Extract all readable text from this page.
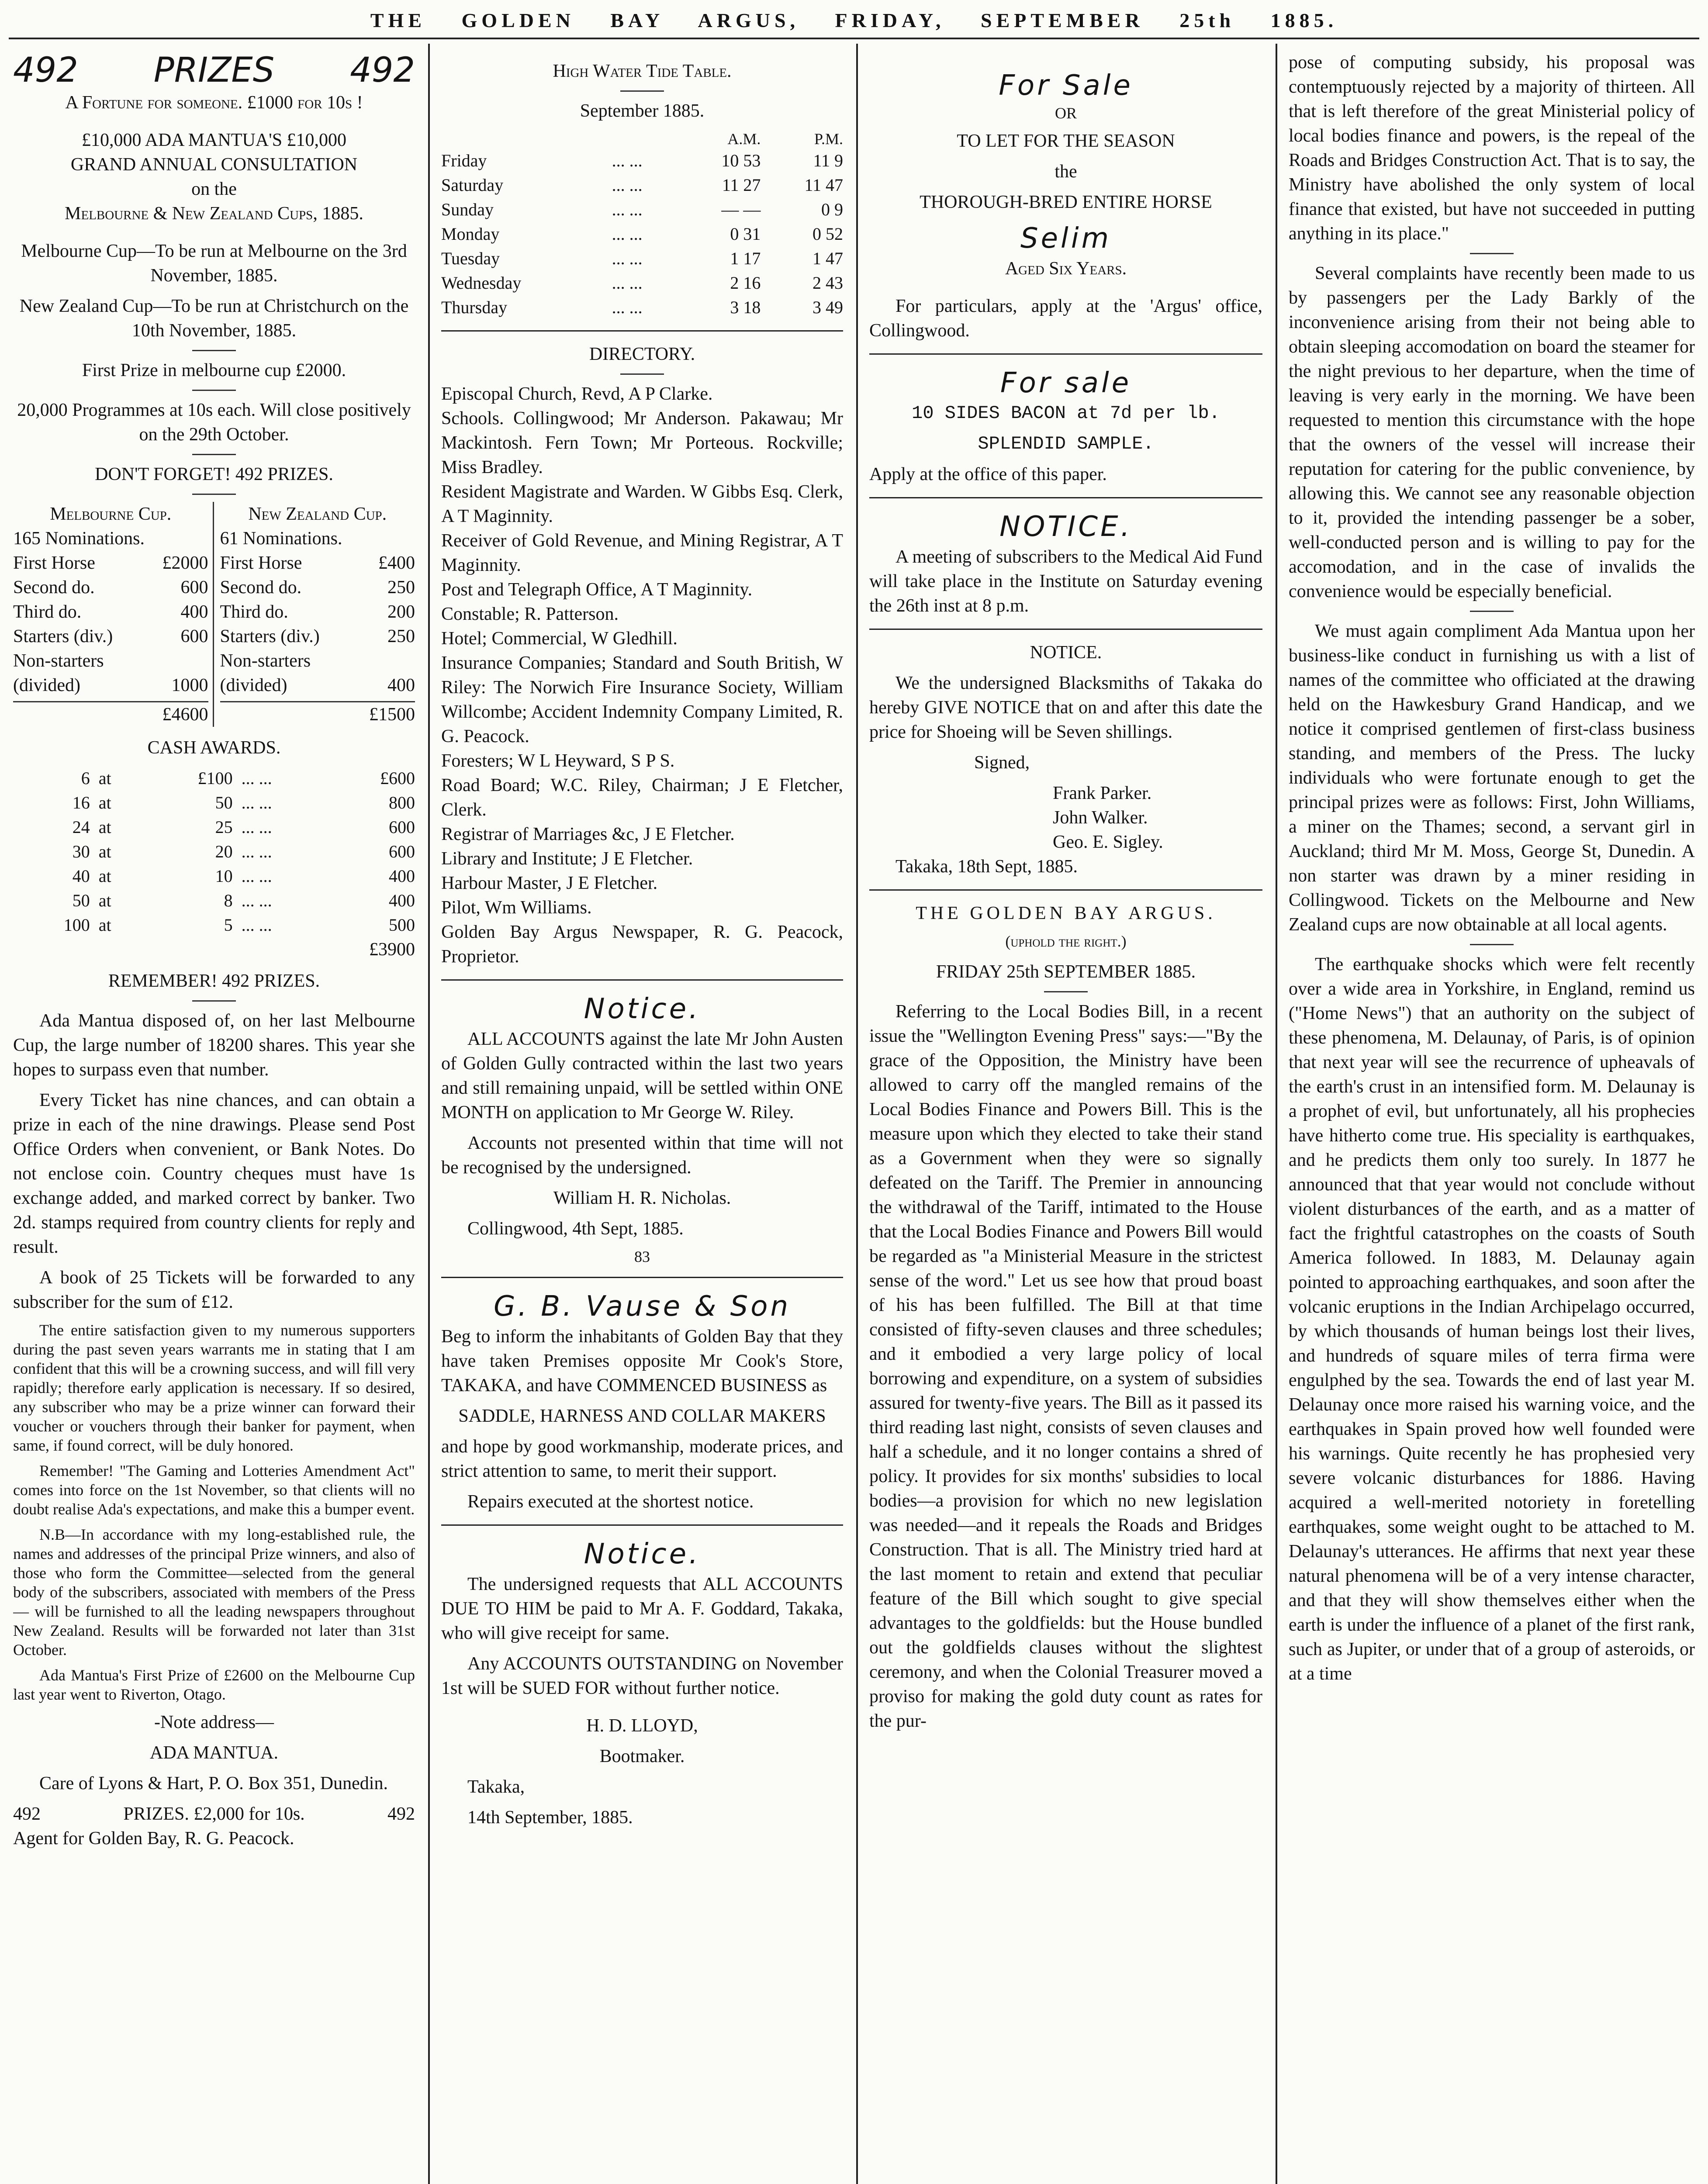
THE GOLDEN BAY ARGUS, FRIDAY, SEPTEMBER 25th 1885.
492 PRIZES 492

A Fortune for someone. £1000 for 10s !

£10,000 ADA MANTUA'S £10,000
GRAND ANNUAL CONSULTATION
on the
Melbourne & New Zealand Cups, 1885.

Melbourne Cup—To be run at Melbourne on the 3rd November, 1885.

New Zealand Cup—To be run at Christchurch on the 10th November, 1885.

First Prize in melbourne cup £2000.

20,000 Programmes at 10s each. Will close positively on the 29th October.

DON'T FORGET! 492 PRIZES.

Melbourne Cup.
165 Nominations.
First Horse	£2000
Second do.	600
Third do.	400
Starters (div.)	600
Non-starters
(divided)	1000
£4600
New Zealand Cup.
61 Nominations.
First Horse	£400
Second do.	250
Third do.	200
Starters (div.)	250
Non-starters
(divided)	400
£1500

CASH AWARDS.

6	at	£100	... ...	£600
16	at	50	... ...	800
24	at	25	... ...	600
30	at	20	... ...	600
40	at	10	... ...	400
50	at	8	... ...	400
100	at	5	... ...	500
£3900

REMEMBER! 492 PRIZES.

Ada Mantua disposed of, on her last Melbourne Cup, the large number of 18200 shares. This year she hopes to surpass even that number.

Every Ticket has nine chances, and can obtain a prize in each of the nine drawings. Please send Post Office Orders when convenient, or Bank Notes. Do not enclose coin. Country cheques must have 1s exchange added, and marked correct by banker. Two 2d. stamps required from country clients for reply and result.

A book of 25 Tickets will be forwarded to any subscriber for the sum of £12.

The entire satisfaction given to my numerous supporters during the past seven years warrants me in stating that I am confident that this will be a crowning success, and will fill very rapidly; therefore early application is necessary. If so desired, any subscriber who may be a prize winner can forward their voucher or vouchers through their banker for payment, when same, if found correct, will be duly honored.

Remember! "The Gaming and Lotteries Amendment Act" comes into force on the 1st November, so that clients will no doubt realise Ada's expectations, and make this a bumper event.

N.B—In accordance with my long-established rule, the names and addresses of the principal Prize winners, and also of those who form the Committee—selected from the general body of the subscribers, associated with members of the Press— will be furnished to all the leading newspapers throughout New Zealand. Results will be forwarded not later than 31st October.

Ada Mantua's First Prize of £2600 on the Melbourne Cup last year went to Riverton, Otago.

-Note address—

ADA MANTUA.

Care of Lyons & Hart, P. O. Box 351, Dunedin.

492	PRIZES. £2,000 for 10s.	492

Agent for Golden Bay, R. G. Peacock.

High Water Tide Table.

September 1885.

		A.M.	P.M.
Friday	... ...	10 53	11 9
Saturday	... ...	11 27	11 47
Sunday	... ...	— —	0 9
Monday	... ...	0 31	0 52
Tuesday	... ...	1 17	1 47
Wednesday	... ...	2 16	2 43
Thursday	... ...	3 18	3 49

DIRECTORY.

Episcopal Church, Revd, A P Clarke.
Schools. Collingwood; Mr Anderson. Pakawau; Mr Mackintosh. Fern Town; Mr Porteous. Rockville; Miss Bradley.
Resident Magistrate and Warden. W Gibbs Esq. Clerk, A T Maginnity.
Receiver of Gold Revenue, and Mining Registrar, A T Maginnity.
Post and Telegraph Office, A T Maginnity.
Constable; R. Patterson.
Hotel; Commercial, W Gledhill.
Insurance Companies; Standard and South British, W Riley: The Norwich Fire Insurance Society, William Willcombe; Accident Indemnity Company Limited, R. G. Peacock.
Foresters; W L Heyward, S P S.
Road Board; W.C. Riley, Chairman; J E Fletcher, Clerk.
Registrar of Marriages &c, J E Fletcher.
Library and Institute; J E Fletcher.
Harbour Master, J E Fletcher.
Pilot, Wm Williams.
Golden Bay Argus Newspaper, R. G. Peacock, Proprietor.
Notice.

ALL ACCOUNTS against the late Mr John Austen of Golden Gully contracted within the last two years and still remaining unpaid, will be settled within ONE MONTH on application to Mr George W. Riley.

Accounts not presented within that time will not be recognised by the undersigned.

William H. R. Nicholas.

Collingwood, 4th Sept, 1885.

83

G. B. Vause & Son

Beg to inform the inhabitants of Golden Bay that they have taken Premises opposite Mr Cook's Store, TAKAKA, and have COMMENCED BUSINESS as

SADDLE, HARNESS AND COLLAR MAKERS

and hope by good workmanship, moderate prices, and strict attention to same, to merit their support.

Repairs executed at the shortest notice.

Notice.

The undersigned requests that ALL ACCOUNTS DUE TO HIM be paid to Mr A. F. Goddard, Takaka, who will give receipt for same.

Any ACCOUNTS OUTSTANDING on November 1st will be SUED FOR without further notice.

H. D. LLOYD,

Bootmaker.

Takaka,

14th September, 1885.

For Sale

OR

TO LET FOR THE SEASON

the

THOROUGH-BRED ENTIRE HORSE

Selim

Aged Six Years.

For particulars, apply at the 'Argus' office, Collingwood.

For sale

10 SIDES BACON at 7d per lb.

SPLENDID SAMPLE.

Apply at the office of this paper.

NOTICE.

A meeting of subscribers to the Medical Aid Fund will take place in the Institute on Saturday evening the 26th inst at 8 p.m.

NOTICE.

We the undersigned Blacksmiths of Takaka do hereby GIVE NOTICE that on and after this date the price for Shoeing will be Seven shillings.

Signed,

Frank Parker.
John Walker.
Geo. E. Sigley.

Takaka, 18th Sept, 1885.

THE GOLDEN BAY ARGUS.

(uphold the right.)

FRIDAY 25th SEPTEMBER 1885.

Referring to the Local Bodies Bill, in a recent issue the "Wellington Evening Press" says:—"By the grace of the Opposition, the Ministry have been allowed to carry off the mangled remains of the Local Bodies Finance and Powers Bill. This is the measure upon which they elected to take their stand as a Government when they were so signally defeated on the Tariff. The Premier in announcing the withdrawal of the Tariff, intimated to the House that the Local Bodies Finance and Powers Bill would be regarded as "a Ministerial Measure in the strictest sense of the word." Let us see how that proud boast of his has been fulfilled. The Bill at that time consisted of fifty-seven clauses and three schedules; and it embodied a very large policy of local borrowing and expenditure, on a system of subsidies assured for twenty-five years. The Bill as it passed its third reading last night, consists of seven clauses and half a schedule, and it no longer contains a shred of policy. It provides for six months' subsidies to local bodies—a provision for which no new legislation was needed—and it repeals the Roads and Bridges Construction. That is all. The Ministry tried hard at the last moment to retain and extend that peculiar feature of the Bill which sought to give special advantages to the goldfields: but the House bundled out the goldfields clauses without the slightest ceremony, and when the Colonial Treasurer moved a proviso for making the gold duty count as rates for the pur-

pose of computing subsidy, his proposal was contemptuously rejected by a majority of thirteen. All that is left therefore of the great Ministerial policy of local bodies finance and powers, is the repeal of the Roads and Bridges Construction Act. That is to say, the Ministry have abolished the only system of local finance that existed, but have not succeeded in putting anything in its place."

Several complaints have recently been made to us by passengers per the Lady Barkly of the inconvenience arising from their not being able to obtain sleeping accomodation on board the steamer for the night previous to her departure, when the time of leaving is very early in the morning. We have been requested to mention this circumstance with the hope that the owners of the vessel will increase their reputation for catering for the public convenience, by allowing this. We cannot see any reasonable objection to it, provided the intending passenger be a sober, well-conducted person and is willing to pay for the accomodation, and in the case of invalids the convenience would be especially beneficial.

We must again compliment Ada Mantua upon her business-like conduct in furnishing us with a list of names of the committee who officiated at the drawing held on the Hawkesbury Grand Handicap, and we notice it comprised gentlemen of first-class business standing, and members of the Press. The lucky individuals who were fortunate enough to get the principal prizes were as follows: First, John Williams, a miner on the Thames; second, a servant girl in Auckland; third Mr M. Moss, George St, Dunedin. A non starter was drawn by a miner residing in Collingwood. Tickets on the Melbourne and New Zealand cups are now obtainable at all local agents.

The earthquake shocks which were felt recently over a wide area in Yorkshire, in England, remind us ("Home News") that an authority on the subject of these phenomena, M. Delaunay, of Paris, is of opinion that next year will see the recurrence of upheavals of the earth's crust in an intensified form. M. Delaunay is a prophet of evil, but unfortunately, all his prophecies have hitherto come true. His speciality is earthquakes, and he predicts them only too surely. In 1877 he announced that that year would not conclude without violent disturbances of the earth, and as a matter of fact the frightful catastrophes on the coasts of South America followed. In 1883, M. Delaunay again pointed to approaching earthquakes, and soon after the volcanic eruptions in the Indian Archipelago occurred, by which thousands of human beings lost their lives, and hundreds of square miles of terra firma were engulphed by the sea. Towards the end of last year M. Delaunay once more raised his warning voice, and the earthquakes in Spain proved how well founded were his warnings. Quite recently he has prophesied very severe volcanic disturbances for 1886. Having acquired a well-merited notoriety in foretelling earthquakes, some weight ought to be attached to M. Delaunay's utterances. He affirms that next year these natural phenomena will be of a very intense character, and that they will show themselves either when the earth is under the influence of a planet of the first rank, such as Jupiter, or under that of a group of asteroids, or at a time
